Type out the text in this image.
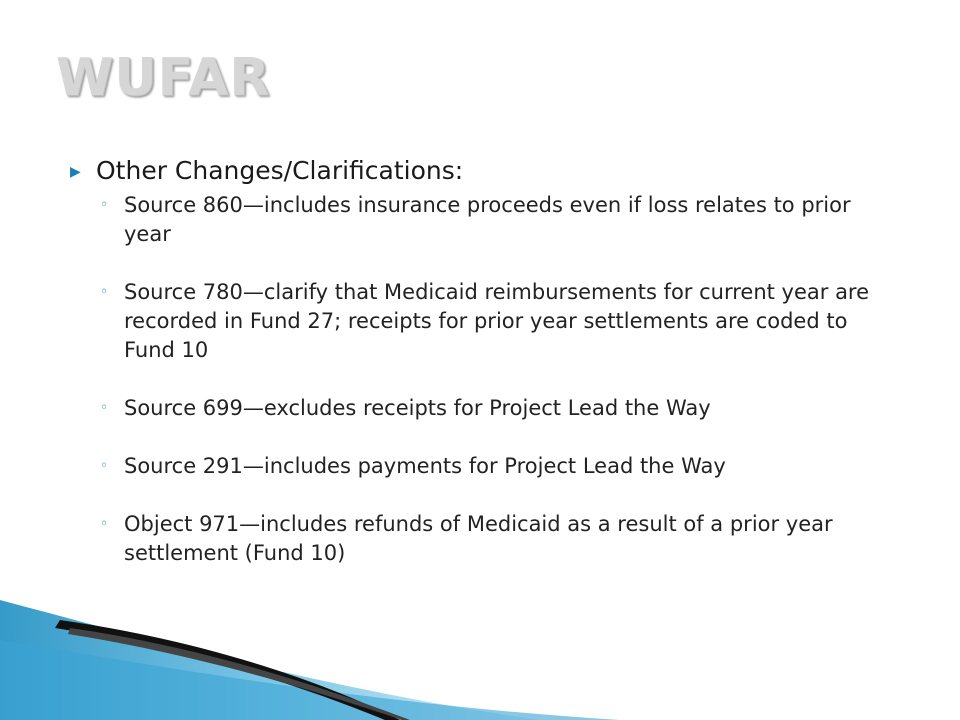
WUFAR
▶ Other Changes/Clarifications:
◦ Source 860—includes insurance proceeds even if loss relates to prior year
◦ Source 780—clarify that Medicaid reimbursements for current year are recorded in Fund 27; receipts for prior year settlements are coded to Fund 10
◦ Source 699—excludes receipts for Project Lead the Way
◦ Source 291—includes payments for Project Lead the Way
◦ Object 971—includes refunds of Medicaid as a result of a prior year settlement (Fund 10)
